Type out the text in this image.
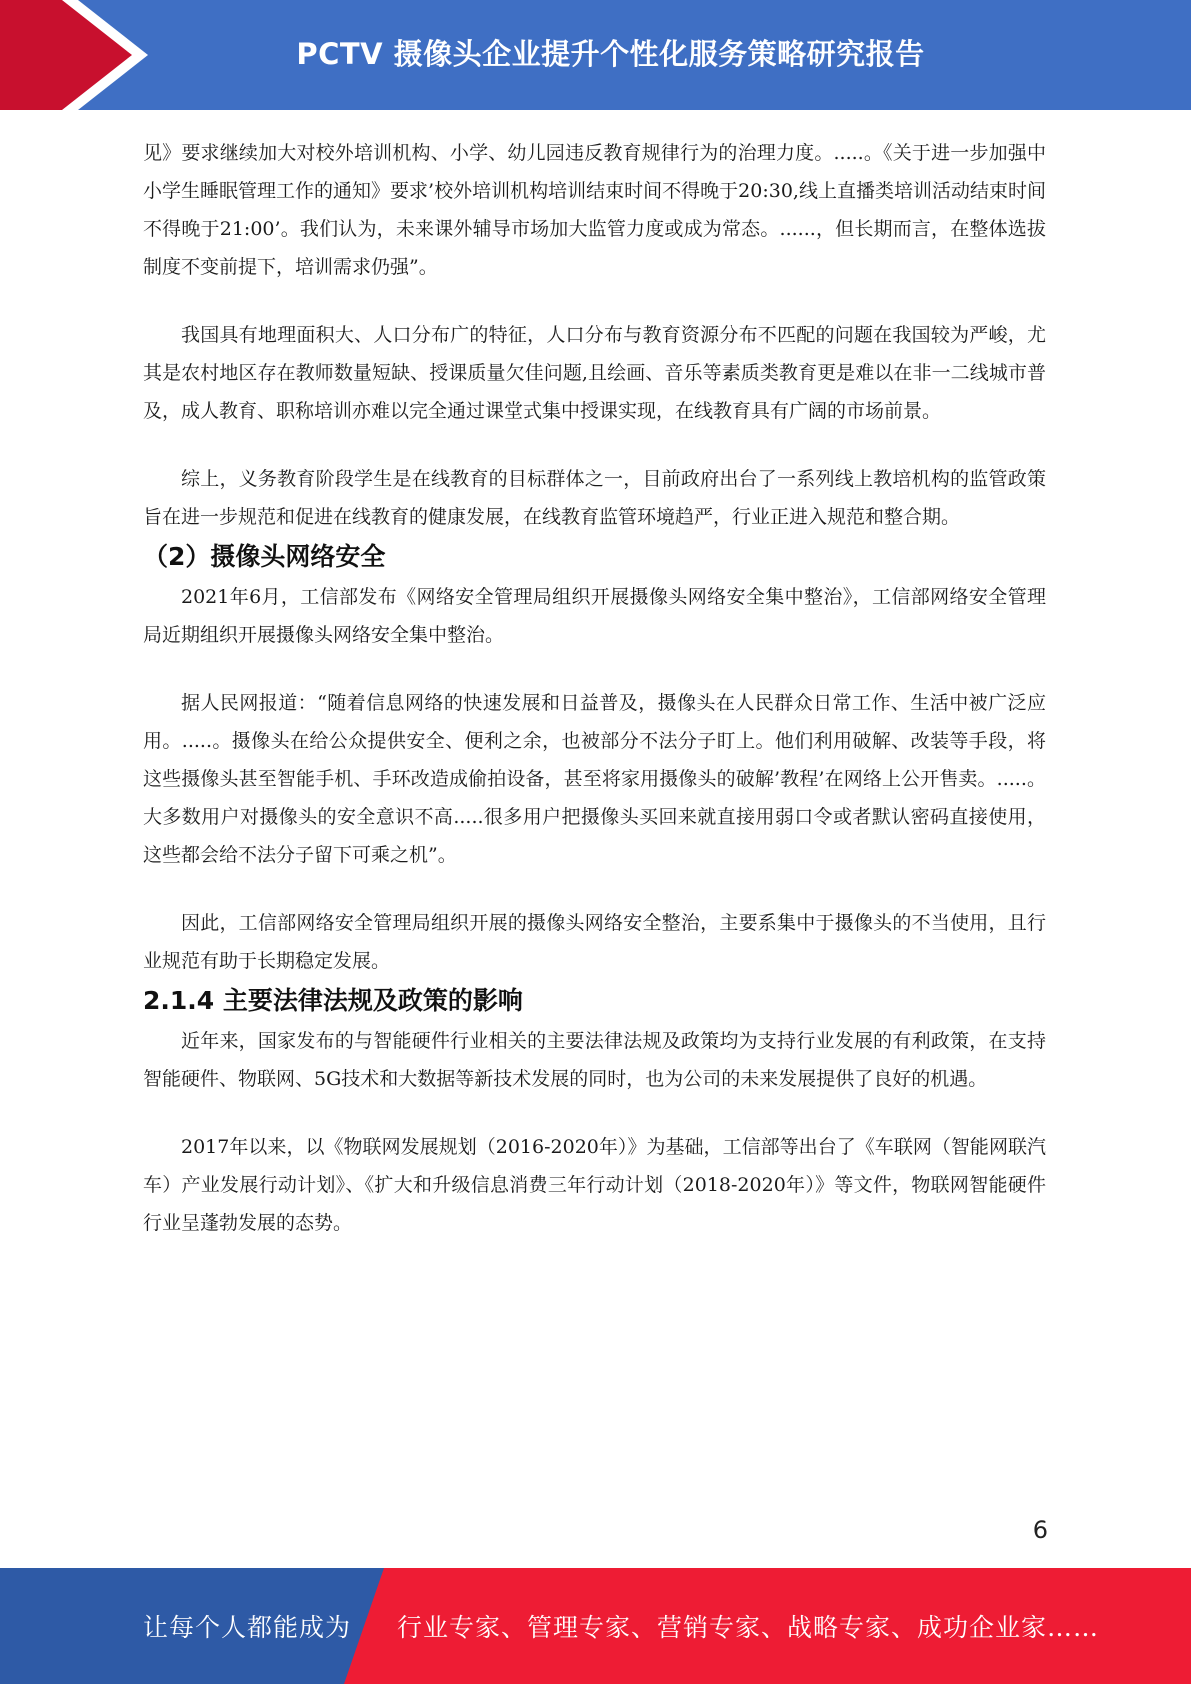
PCTV 摄像头企业提升个性化服务策略研究报告

见》要求继续加大对校外培训机构、小学、幼儿园违反教育规律行为的治理力度。.....。《关于进一步加强中小学生睡眠管理工作的通知》要求’校外培训机构培训结束时间不得晚于20:30,线上直播类培训活动结束时间不得晚于21:00’。我们认为，未来课外辅导市场加大监管力度或成为常态。......，但长期而言，在整体选拔制度不变前提下，培训需求仍强”。

我国具有地理面积大、人口分布广的特征，人口分布与教育资源分布不匹配的问题在我国较为严峻，尤其是农村地区存在教师数量短缺、授课质量欠佳问题,且绘画、音乐等素质类教育更是难以在非一二线城市普及，成人教育、职称培训亦难以完全通过课堂式集中授课实现，在线教育具有广阔的市场前景。

综上，义务教育阶段学生是在线教育的目标群体之一，目前政府出台了一系列线上教培机构的监管政策旨在进一步规范和促进在线教育的健康发展，在线教育监管环境趋严，行业正进入规范和整合期。

（2）摄像头网络安全

2021年6月，工信部发布《网络安全管理局组织开展摄像头网络安全集中整治》，工信部网络安全管理局近期组织开展摄像头网络安全集中整治。

据人民网报道：“随着信息网络的快速发展和日益普及，摄像头在人民群众日常工作、生活中被广泛应用。.....。摄像头在给公众提供安全、便利之余，也被部分不法分子盯上。他们利用破解、改装等手段，将这些摄像头甚至智能手机、手环改造成偷拍设备，甚至将家用摄像头的破解’教程’在网络上公开售卖。.....。大多数用户对摄像头的安全意识不高.....很多用户把摄像头买回来就直接用弱口令或者默认密码直接使用，这些都会给不法分子留下可乘之机”。

因此，工信部网络安全管理局组织开展的摄像头网络安全整治，主要系集中于摄像头的不当使用，且行业规范有助于长期稳定发展。

2.1.4 主要法律法规及政策的影响

近年来，国家发布的与智能硬件行业相关的主要法律法规及政策均为支持行业发展的有利政策，在支持智能硬件、物联网、5G技术和大数据等新技术发展的同时，也为公司的未来发展提供了良好的机遇。

2017年以来，以《物联网发展规划（2016-2020年）》为基础，工信部等出台了《车联网（智能网联汽车）产业发展行动计划》、《扩大和升级信息消费三年行动计划（2018-2020年）》等文件，物联网智能硬件行业呈蓬勃发展的态势。

6
让每个人都能成为 行业专家、管理专家、营销专家、战略专家、成功企业家……
